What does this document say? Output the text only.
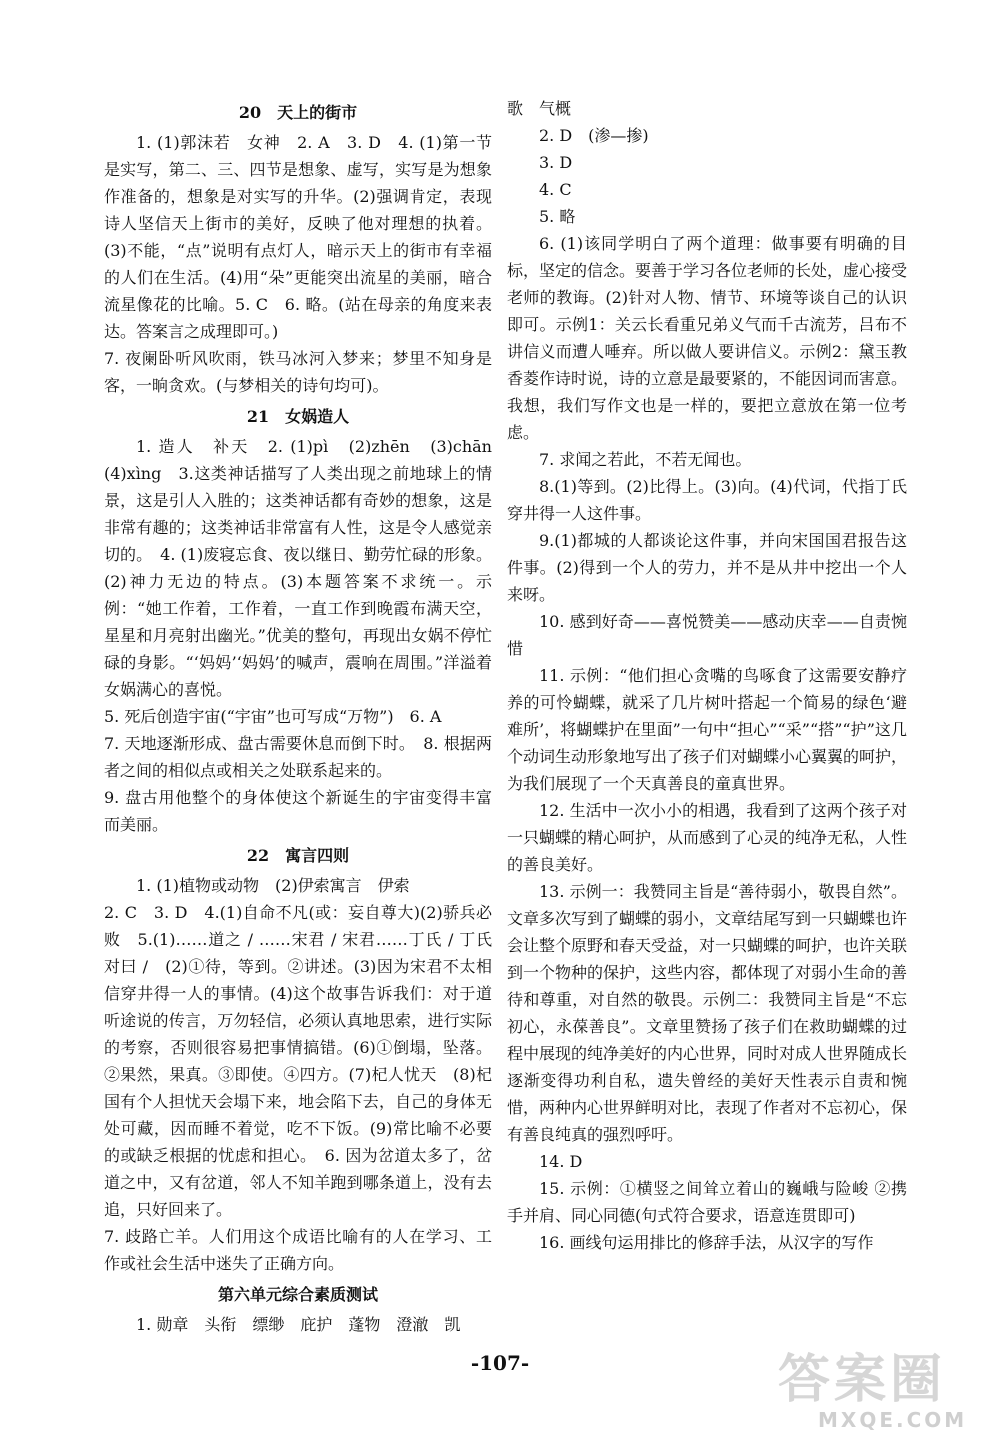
20　天上的街市
1. (1)郭沫若　女神　2. A　3. D　4. (1)第一节是实写，第二、三、四节是想象、虚写，实写是为想象作准备的，想象是对实写的升华。(2)强调肯定，表现诗人坚信天上街市的美好，反映了他对理想的执着。(3)不能，“点”说明有点灯人，暗示天上的街市有幸福的人们在生活。(4)用“朵”更能突出流星的美丽，暗合流星像花的比喻。5. C　6. 略。(站在母亲的角度来表达。答案言之成理即可。)
7. 夜阑卧听风吹雨，铁马冰河入梦来；梦里不知身是客，一晌贪欢。(与梦相关的诗句均可)。
21　女娲造人
1. 造人　补天　2. (1)pì　(2)zhēn　(3)chān　(4)xìng　3.这类神话描写了人类出现之前地球上的情景，这是引人入胜的；这类神话都有奇妙的想象，这是非常有趣的；这类神话非常富有人性，这是令人感觉亲切的。　4. (1)废寝忘食、夜以继日、勤劳忙碌的形象。(2)神力无边的特点。(3)本题答案不求统一。示例：“她工作着，工作着，一直工作到晚霞布满天空，星星和月亮射出幽光。”优美的整句，再现出女娲不停忙碌的身影。“‘妈妈’‘妈妈’的喊声，震响在周围。”洋溢着女娲满心的喜悦。
5. 死后创造宇宙(“宇宙”也可写成“万物”)　6. A
7. 天地逐渐形成、盘古需要休息而倒下时。　8. 根据两者之间的相似点或相关之处联系起来的。
9. 盘古用他整个的身体使这个新诞生的宇宙变得丰富而美丽。
22　寓言四则
1. (1)植物或动物　(2)伊索寓言　伊索
2. C　3. D　4.(1)自命不凡(或：妄自尊大)(2)骄兵必败　5.(1)……道之 / ……宋君 / 宋君……丁氏 / 丁氏对曰 /　(2)①待，等到。②讲述。(3)因为宋君不太相信穿井得一人的事情。(4)这个故事告诉我们：对于道听途说的传言，万勿轻信，必须认真地思索，进行实际的考察，否则很容易把事情搞错。(6)①倒塌，坠落。②果然，果真。③即使。④四方。(7)杞人忧天　(8)杞国有个人担忧天会塌下来，地会陷下去，自己的身体无处可藏，因而睡不着觉，吃不下饭。(9)常比喻不必要的或缺乏根据的忧虑和担心。　6. 因为岔道太多了，岔道之中，又有岔道，邻人不知羊跑到哪条道上，没有去追，只好回来了。
7. 歧路亡羊。人们用这个成语比喻有的人在学习、工作或社会生活中迷失了正确方向。
第六单元综合素质测试
1. 勋章　头衔　缥缈　庇护　蓬物　澄澈　凯
歌　气概
2. D　(渗—掺)
3. D
4. C
5. 略
6. (1)该同学明白了两个道理：做事要有明确的目标，坚定的信念。要善于学习各位老师的长处，虚心接受老师的教诲。(2)针对人物、情节、环境等谈自己的认识即可。示例1：关云长看重兄弟义气而千古流芳，吕布不讲信义而遭人唾弃。所以做人要讲信义。示例2：黛玉教香菱作诗时说，诗的立意是最要紧的，不能因词而害意。我想，我们写作文也是一样的，要把立意放在第一位考虑。
7. 求闻之若此，不若无闻也。
8.(1)等到。(2)比得上。(3)向。(4)代词，代指丁氏穿井得一人这件事。
9.(1)都城的人都谈论这件事，并向宋国国君报告这件事。(2)得到一个人的劳力，并不是从井中挖出一个人来呀。
10. 感到好奇——喜悦赞美——感动庆幸——自责惋惜
11. 示例：“他们担心贪嘴的鸟啄食了这需要安静疗养的可怜蝴蝶，就采了几片树叶搭起一个简易的绿色‘避难所’，将蝴蝶护在里面”一句中“担心”“采”“搭”“护”这几个动词生动形象地写出了孩子们对蝴蝶小心翼翼的呵护，为我们展现了一个天真善良的童真世界。
12. 生活中一次小小的相遇，我看到了这两个孩子对一只蝴蝶的精心呵护，从而感到了心灵的纯净无私，人性的善良美好。
13. 示例一：我赞同主旨是“善待弱小，敬畏自然”。文章多次写到了蝴蝶的弱小，文章结尾写到一只蝴蝶也许会让整个原野和春天受益，对一只蝴蝶的呵护，也许关联到一个物种的保护，这些内容，都体现了对弱小生命的善待和尊重，对自然的敬畏。示例二：我赞同主旨是“不忘初心，永葆善良”。文章里赞扬了孩子们在救助蝴蝶的过程中展现的纯净美好的内心世界，同时对成人世界随成长逐渐变得功利自私，遗失曾经的美好天性表示自责和惋惜，两种内心世界鲜明对比，表现了作者对不忘初心，保有善良纯真的强烈呼吁。
14. D
15. 示例：①横竖之间耸立着山的巍峨与险峻 ②携手并肩、同心同德(句式符合要求，语意连贯即可)
16. 画线句运用排比的修辞手法，从汉字的写作
-107-	答案圈
MXQE.COM
